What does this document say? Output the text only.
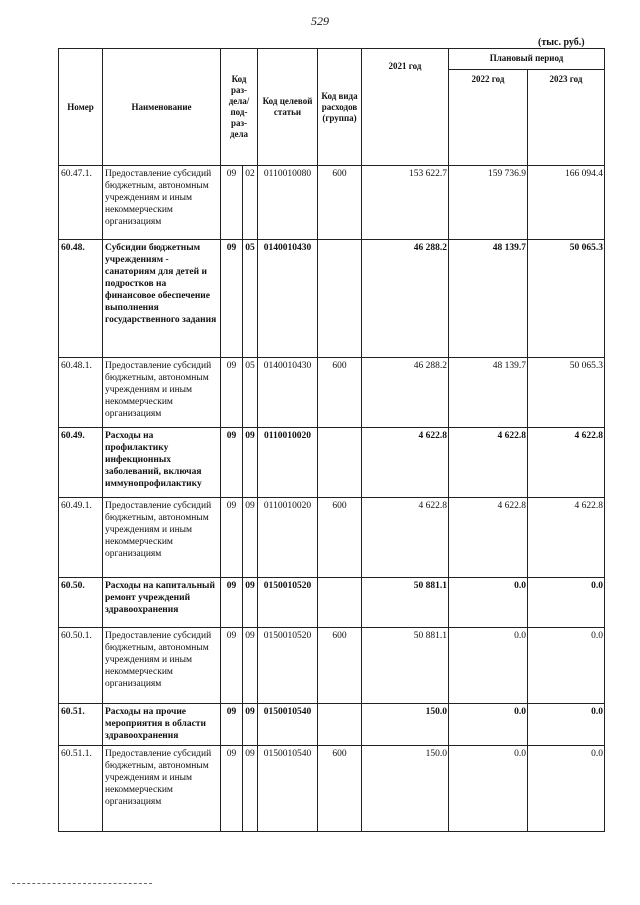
529
(тыс. руб.)
Номер	Наименование	Код раз- дела/ под- раз- дела		Код целевой статьи	Код вида расходов (группа)	2021 год	Плановый период	
							2022 год	2023 год
60.47.1.	Предоставление субсидий бюджетным, автономным учреждениям и иным некоммерческим организациям	09	02	0110010080	600	153 622.7	159 736.9	166 094.4
60.48.	Субсидии бюджетным учреждениям - санаториям для детей и подростков на финансовое обеспечение выполнения государственного задания	09	05	0140010430		46 288.2	48 139.7	50 065.3
60.48.1.	Предоставление субсидий бюджетным, автономным учреждениям и иным некоммерческим организациям	09	05	0140010430	600	46 288.2	48 139.7	50 065.3
60.49.	Расходы на профилактику инфекционных заболеваний, включая иммунопрофилактику	09	09	0110010020		4 622.8	4 622.8	4 622.8
60.49.1.	Предоставление субсидий бюджетным, автономным учреждениям и иным некоммерческим организациям	09	09	0110010020	600	4 622.8	4 622.8	4 622.8
60.50.	Расходы на капитальный ремонт учреждений здравоохранения	09	09	0150010520		50 881.1	0.0	0.0
60.50.1.	Предоставление субсидий бюджетным, автономным учреждениям и иным некоммерческим организациям	09	09	0150010520	600	50 881.1	0.0	0.0
60.51.	Расходы на прочие мероприятия в области здравоохранения	09	09	0150010540		150.0	0.0	0.0
60.51.1.	Предоставление субсидий бюджетным, автономным учреждениям и иным некоммерческим организациям	09	09	0150010540	600	150.0	0.0	0.0
